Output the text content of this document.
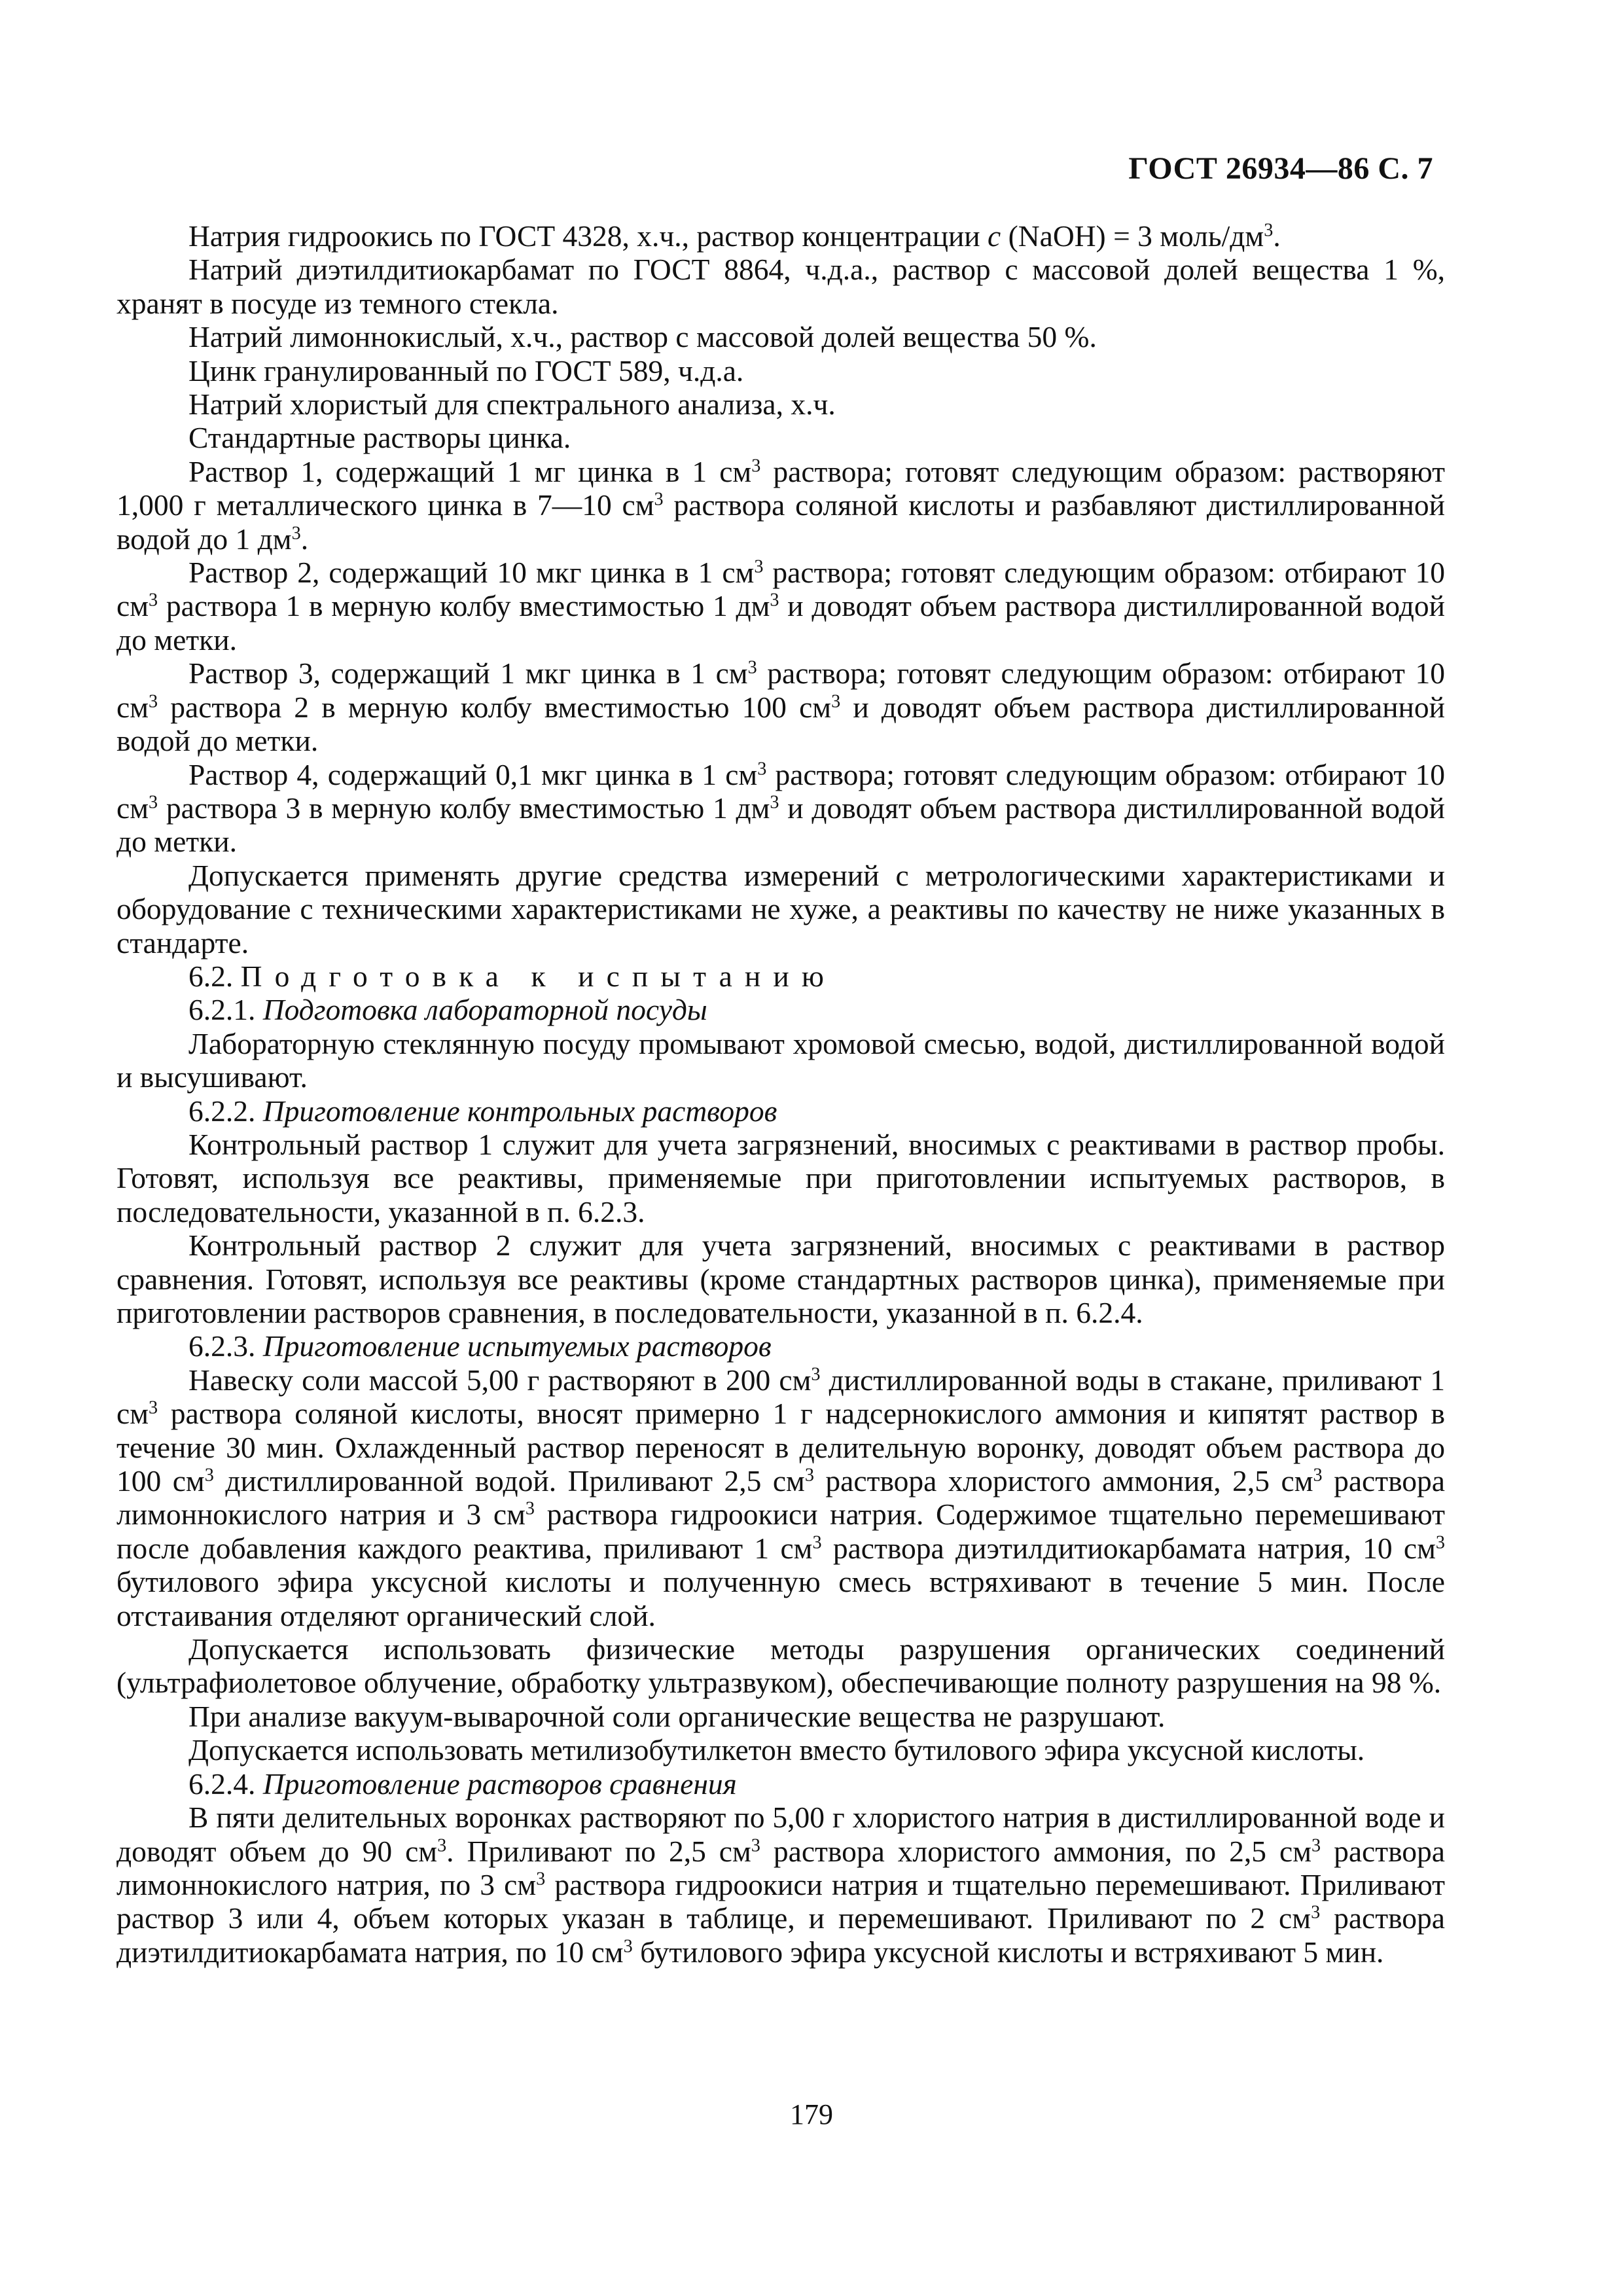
ГОСТ 26934—86 С. 7

Натрия гидроокись по ГОСТ 4328, х.ч., раствор концентрации c (NaOH) = 3 моль/$дм^3$.

Натрий диэтилдитиокарбамат по ГОСТ 8864, ч.д.а., раствор с массовой долей вещества 1 %, хранят в посуде из темного стекла.

Натрий лимоннокислый, х.ч., раствор с массовой долей вещества 50 %.

Цинк гранулированный по ГОСТ 589, ч.д.а.

Натрий хлористый для спектрального анализа, х.ч.

Стандартные растворы цинка.

Раствор 1, содержащий 1 мг цинка в 1 $см^3$ раствора; готовят следующим образом: растворяют 1,000 г металлического цинка в 7—10 $см^3$ раствора соляной кислоты и разбавляют дистиллированной водой до 1 $дм^3$.

Раствор 2, содержащий 10 мкг цинка в 1 $см^3$ раствора; готовят следующим образом: отбирают 10 $см^3$ раствора 1 в мерную колбу вместимостью 1 $дм^3$ и доводят объем раствора дистиллированной водой до метки.

Раствор 3, содержащий 1 мкг цинка в 1 $см^3$ раствора; готовят следующим образом: отбирают 10 $см^3$ раствора 2 в мерную колбу вместимостью 100 $см^3$ и доводят объем раствора дистиллированной водой до метки.

Раствор 4, содержащий 0,1 мкг цинка в 1 $см^3$ раствора; готовят следующим образом: отбирают 10 $см^3$ раствора 3 в мерную колбу вместимостью 1 $дм^3$ и доводят объем раствора дистиллированной водой до метки.

Допускается применять другие средства измерений с метрологическими характеристиками и оборудование с техническими характеристиками не хуже, а реактивы по качеству не ниже указанных в стандарте.

6.2. Подготовка к испытанию

6.2.1. Подготовка лабораторной посуды

Лабораторную стеклянную посуду промывают хромовой смесью, водой, дистиллированной водой и высушивают.

6.2.2. Приготовление контрольных растворов

Контрольный раствор 1 служит для учета загрязнений, вносимых с реактивами в раствор пробы. Готовят, используя все реактивы, применяемые при приготовлении испытуемых растворов, в последовательности, указанной в п. 6.2.3.

Контрольный раствор 2 служит для учета загрязнений, вносимых с реактивами в раствор сравнения. Готовят, используя все реактивы (кроме стандартных растворов цинка), применяемые при приготовлении растворов сравнения, в последовательности, указанной в п. 6.2.4.

6.2.3. Приготовление испытуемых растворов

Навеску соли массой 5,00 г растворяют в 200 $см^3$ дистиллированной воды в стакане, приливают 1 $см^3$ раствора соляной кислоты, вносят примерно 1 г надсернокислого аммония и кипятят раствор в течение 30 мин. Охлажденный раствор переносят в делительную воронку, доводят объем раствора до 100 $см^3$ дистиллированной водой. Приливают 2,5 $см^3$ раствора хлористого аммония, 2,5 $см^3$ раствора лимоннокислого натрия и 3 $см^3$ раствора гидроокиси натрия. Содержимое тщательно перемешивают после добавления каждого реактива, приливают 1 $см^3$ раствора диэтилдитиокарбамата натрия, 10 $см^3$ бутилового эфира уксусной кислоты и полученную смесь встряхивают в течение 5 мин. После отстаивания отделяют органический слой.

Допускается использовать физические методы разрушения органических соединений (ультрафиолетовое облучение, обработку ультразвуком), обеспечивающие полноту разрушения на 98 %.

При анализе вакуум-выварочной соли органические вещества не разрушают.

Допускается использовать метилизобутилкетон вместо бутилового эфира уксусной кислоты.

6.2.4. Приготовление растворов сравнения

В пяти делительных воронках растворяют по 5,00 г хлористого натрия в дистиллированной воде и доводят объем до 90 $см^3$. Приливают по 2,5 $см^3$ раствора хлористого аммония, по 2,5 $см^3$ раствора лимоннокислого натрия, по 3 $см^3$ раствора гидроокиси натрия и тщательно перемешивают. Приливают раствор 3 или 4, объем которых указан в таблице, и перемешивают. Приливают по 2 $см^3$ раствора диэтилдитиокарбамата натрия, по 10 $см^3$ бутилового эфира уксусной кислоты и встряхивают 5 мин.

179
